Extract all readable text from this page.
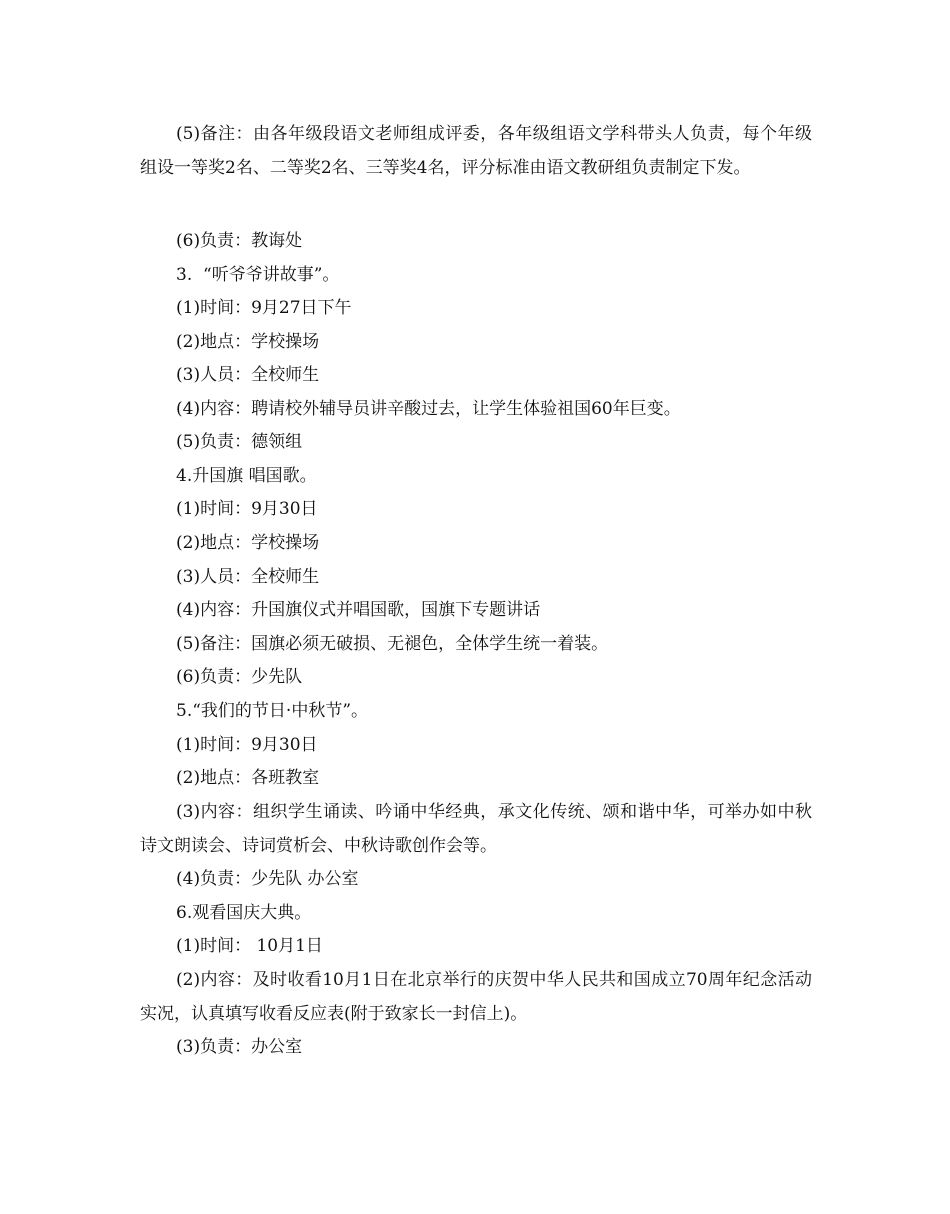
(5)备注：由各年级段语文老师组成评委，各年级组语文学科带头人负责，每个年级组设一等奖2名、二等奖2名、三等奖4名，评分标准由语文教研组负责制定下发。

(6)负责：教诲处

3.  “听爷爷讲故事”。

(1)时间：9月27日下午

(2)地点：学校操场

(3)人员：全校师生

(4)内容：聘请校外辅导员讲辛酸过去，让学生体验祖国60年巨变。

(5)负责：德领组

4.升国旗 唱国歌。

(1)时间：9月30日

(2)地点：学校操场

(3)人员：全校师生

(4)内容：升国旗仪式并唱国歌，国旗下专题讲话

(5)备注：国旗必须无破损、无褪色，全体学生统一着装。

(6)负责：少先队

5.“我们的节日·中秋节”。

(1)时间：9月30日

(2)地点：各班教室

(3)内容：组织学生诵读、吟诵中华经典，承文化传统、颂和谐中华，可举办如中秋诗文朗读会、诗词赏析会、中秋诗歌创作会等。

(4)负责：少先队 办公室

6.观看国庆大典。

(1)时间： 10月1日

(2)内容：及时收看10月1日在北京举行的庆贺中华人民共和国成立70周年纪念活动实况，认真填写收看反应表(附于致家长一封信上)。

(3)负责：办公室
